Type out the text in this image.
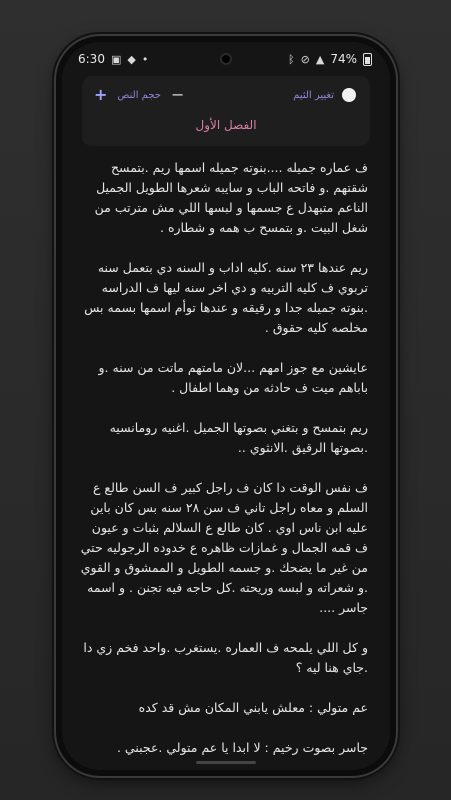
6:30 ▣ ◆ •	ᛒ ⊘ ▲ 74%
+ حجم النص −	تغيير الثيم
الفصل الأول

ف عماره جميله ....بنوته جميله اسمها ريم .بتمسح شقتهم .و فاتحه الباب و سايبه شعرها الطويل الجميل الناعم متبهدل ع جسمها و لبسها اللي مش مترتب من شغل البيت .و بتمسح ب همه و شطاره .

ريم عندها ٢٣ سنه .كليه اداب و السنه دي بتعمل سنه تربوي ف كليه التربيه و دي اخر سنه ليها ف الدراسه .بنوته جميله جدا و رقيقه و عندها توأم اسمها بسمه بس مخلصه كليه حقوق .

عايشين مع جوز امهم ...لان مامتهم ماتت من سنه .و باباهم ميت ف حادثه من وهما اطفال .

ريم بتمسح و بتغني بصوتها الجميل .اغنيه رومانسيه .بصوتها الرقيق .الانثوي ..

ف نفس الوقت دا كان ف راجل كبير ف السن طالع ع السلم و معاه راجل تاني ف سن ٢٨ سنه بس كان باين عليه ابن ناس اوي . كان طالع ع السلالم بثبات و عيون ف قمه الجمال و غمازات ظاهره ع خدوده الرجوليه حتي من غير ما يضحك .و جسمه الطويل و الممشوق و القوي .و شعراته و لبسه وريحته .كل حاجه فيه تجنن . و اسمه جاسر ....

و كل اللي يلمحه ف العماره .يستغرب .واحد فخم زي دا .جاي هنا ليه ؟

عم متولي : معلش يابني المكان مش قد كده

جاسر بصوت رخيم : لا ابدا يا عم متولي .عجبني .
